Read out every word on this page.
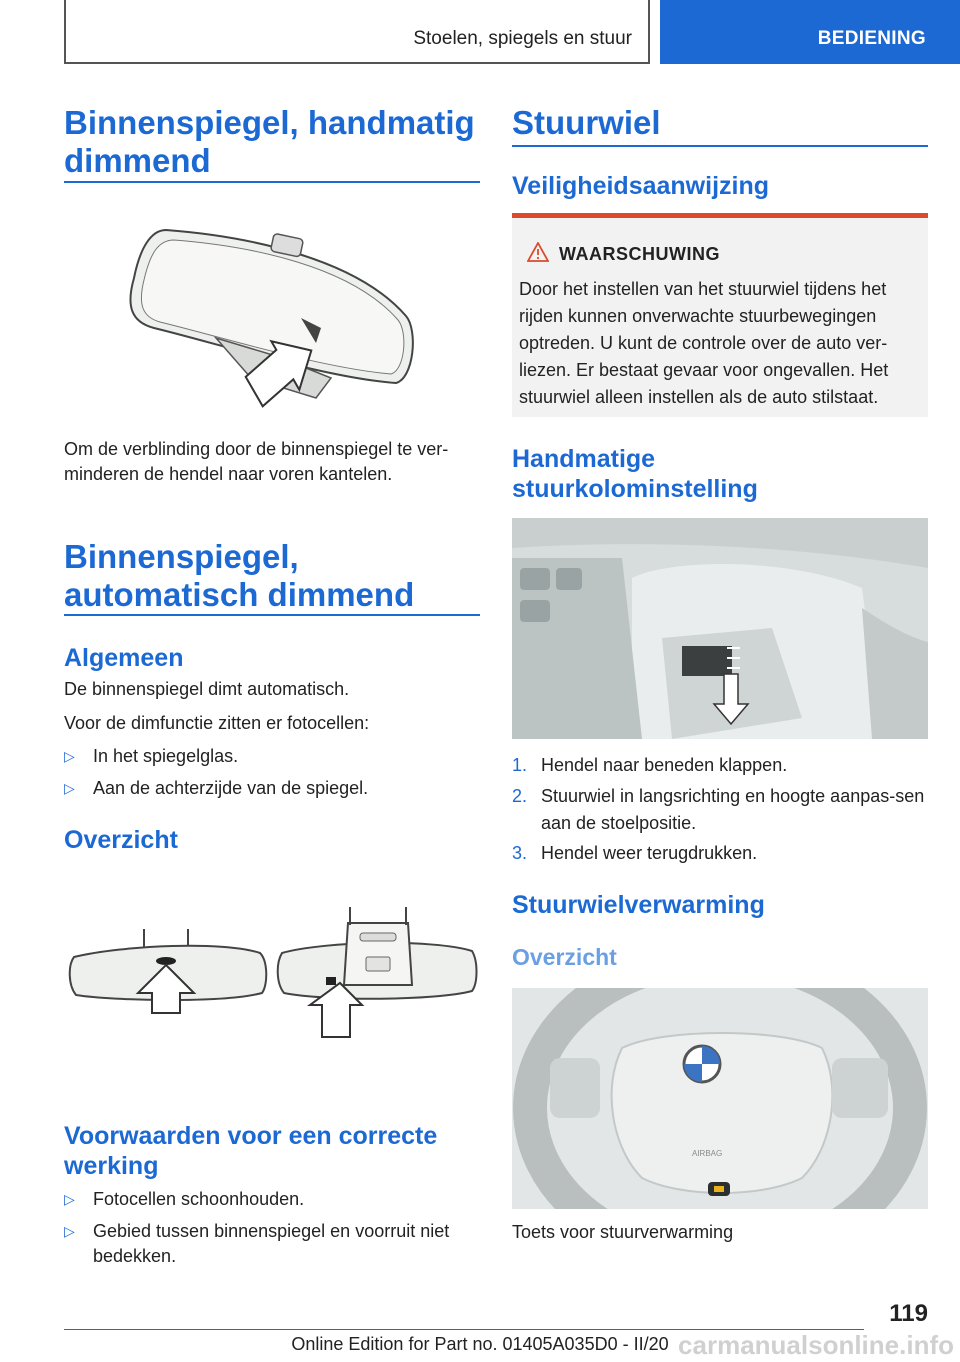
Stoelen, spiegels en stuur	BEDIENING
Binnenspiegel, handmatig
dimmend

Om de verblinding door de binnenspiegel te ver-minderen de hendel naar voren kantelen.

Binnenspiegel,
automatisch dimmend
Algemeen

De binnenspiegel dimt automatisch.

Voor de dimfunctie zitten er fotocellen:

▷ In het spiegelglas.
▷ Aan de achterzijde van de spiegel.
Overzicht
Voorwaarden voor een correcte
werking
▷ Fotocellen schoonhouden.
▷ Gebied tussen binnenspiegel en voorruit niet bedekken.
Stuurwiel
Veiligheidsaanwijzing
WAARSCHUWING
Door het instellen van het stuurwiel tijdens het rijden kunnen onverwachte stuurbewegingen optreden. U kunt de controle over de auto ver-liezen. Er bestaat gevaar voor ongevallen. Het stuurwiel alleen instellen als de auto stilstaat.
Handmatige
stuurkolominstelling
1. Hendel naar beneden klappen.
2. Stuurwiel in langsrichting en hoogte aanpas-sen aan de stoelpositie.
3. Hendel weer terugdrukken.
Stuurwielverwarming
Overzicht
AIRBAG

Toets voor stuurverwarming

119
Online Edition for Part no. 01405A035D0 - II/20 carmanualsonline.info
